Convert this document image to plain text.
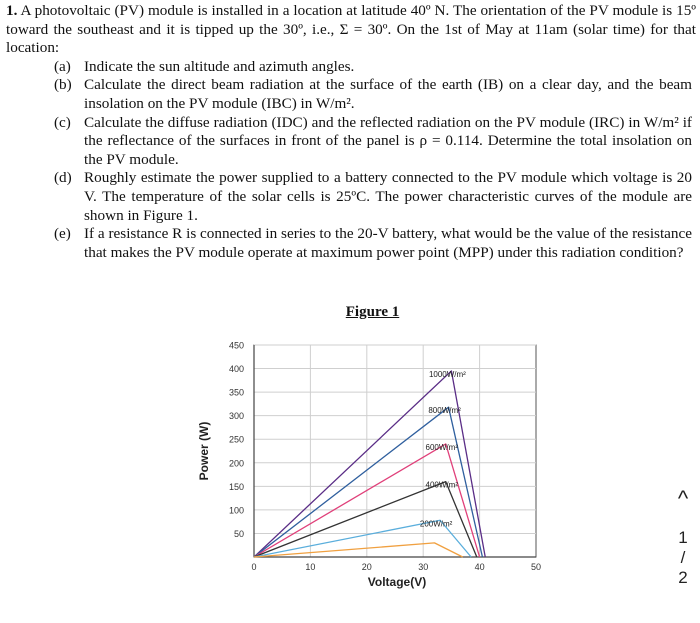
1. A photovoltaic (PV) module is installed in a location at latitude 40º N. The orientation of the PV module is 15º toward the southeast and it is tipped up the 30º, i.e., Σ = 30º. On the 1st of May at 11am (solar time) for that location:

(a) Indicate the sun altitude and azimuth angles.
(b) Calculate the direct beam radiation at the surface of the earth (IB) on a clear day, and the beam insolation on the PV module (IBC) in W/m².
(c) Calculate the diffuse radiation (IDC) and the reflected radiation on the PV module (IRC) in W/m² if the reflectance of the surfaces in front of the panel is ρ = 0.114. Determine the total insolation on the PV module.
(d) Roughly estimate the power supplied to a battery connected to the PV module which voltage is 20 V. The temperature of the solar cells is 25ºC. The power characteristic curves of the module are shown in Figure 1.
(e) If a resistance R is connected in series to the 20-V battery, what would be the value of the resistance that makes the PV module operate at maximum power point (MPP) under this radiation condition?
Figure 1
50
100
150
200
250
300
350
400
450
0	10	20	30	40	50
Voltage(V)
Power (W)
1000W/m²
800W/m²
600W/m²
400W/m²
200W/m²
^
1
/
2
